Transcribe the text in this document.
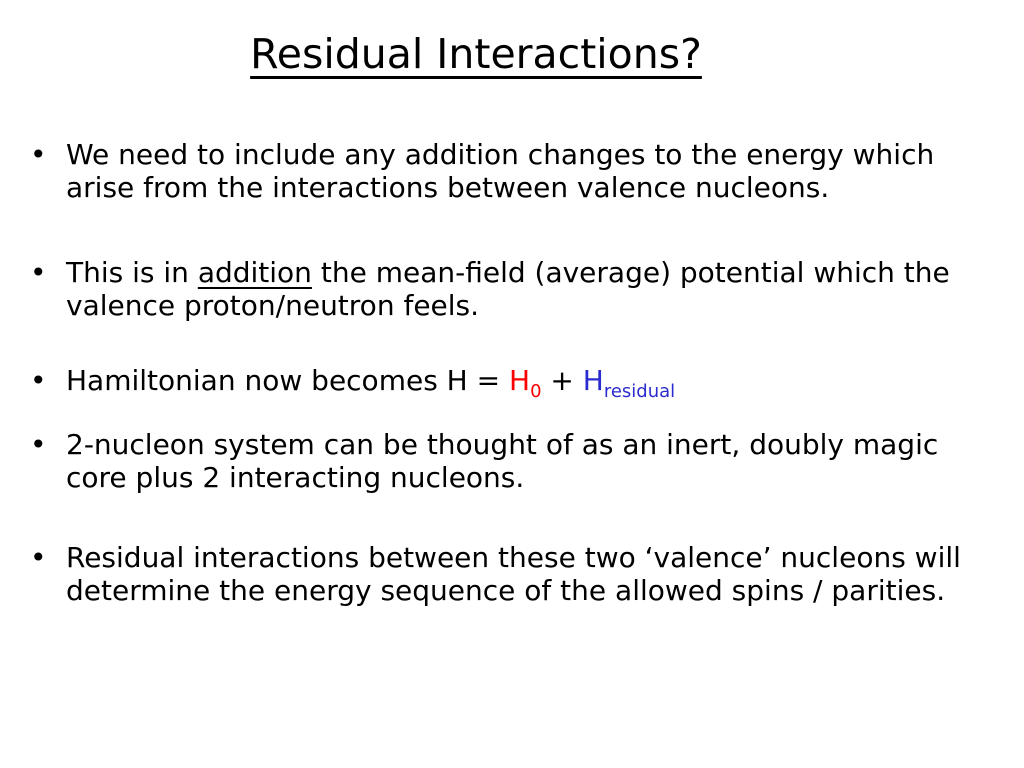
Residual Interactions?
• We need to include any addition changes to the energy which arise from the interactions between valence nucleons.
• This is in addition the mean-field (average) potential which the valence proton/neutron feels.
• Hamiltonian now becomes $H = H_0 + H_{residual}$
• 2-nucleon system can be thought of as an inert, doubly magic core plus 2 interacting nucleons.
• Residual interactions between these two ‘valence’ nucleons will determine the energy sequence of the allowed spins / parities.
